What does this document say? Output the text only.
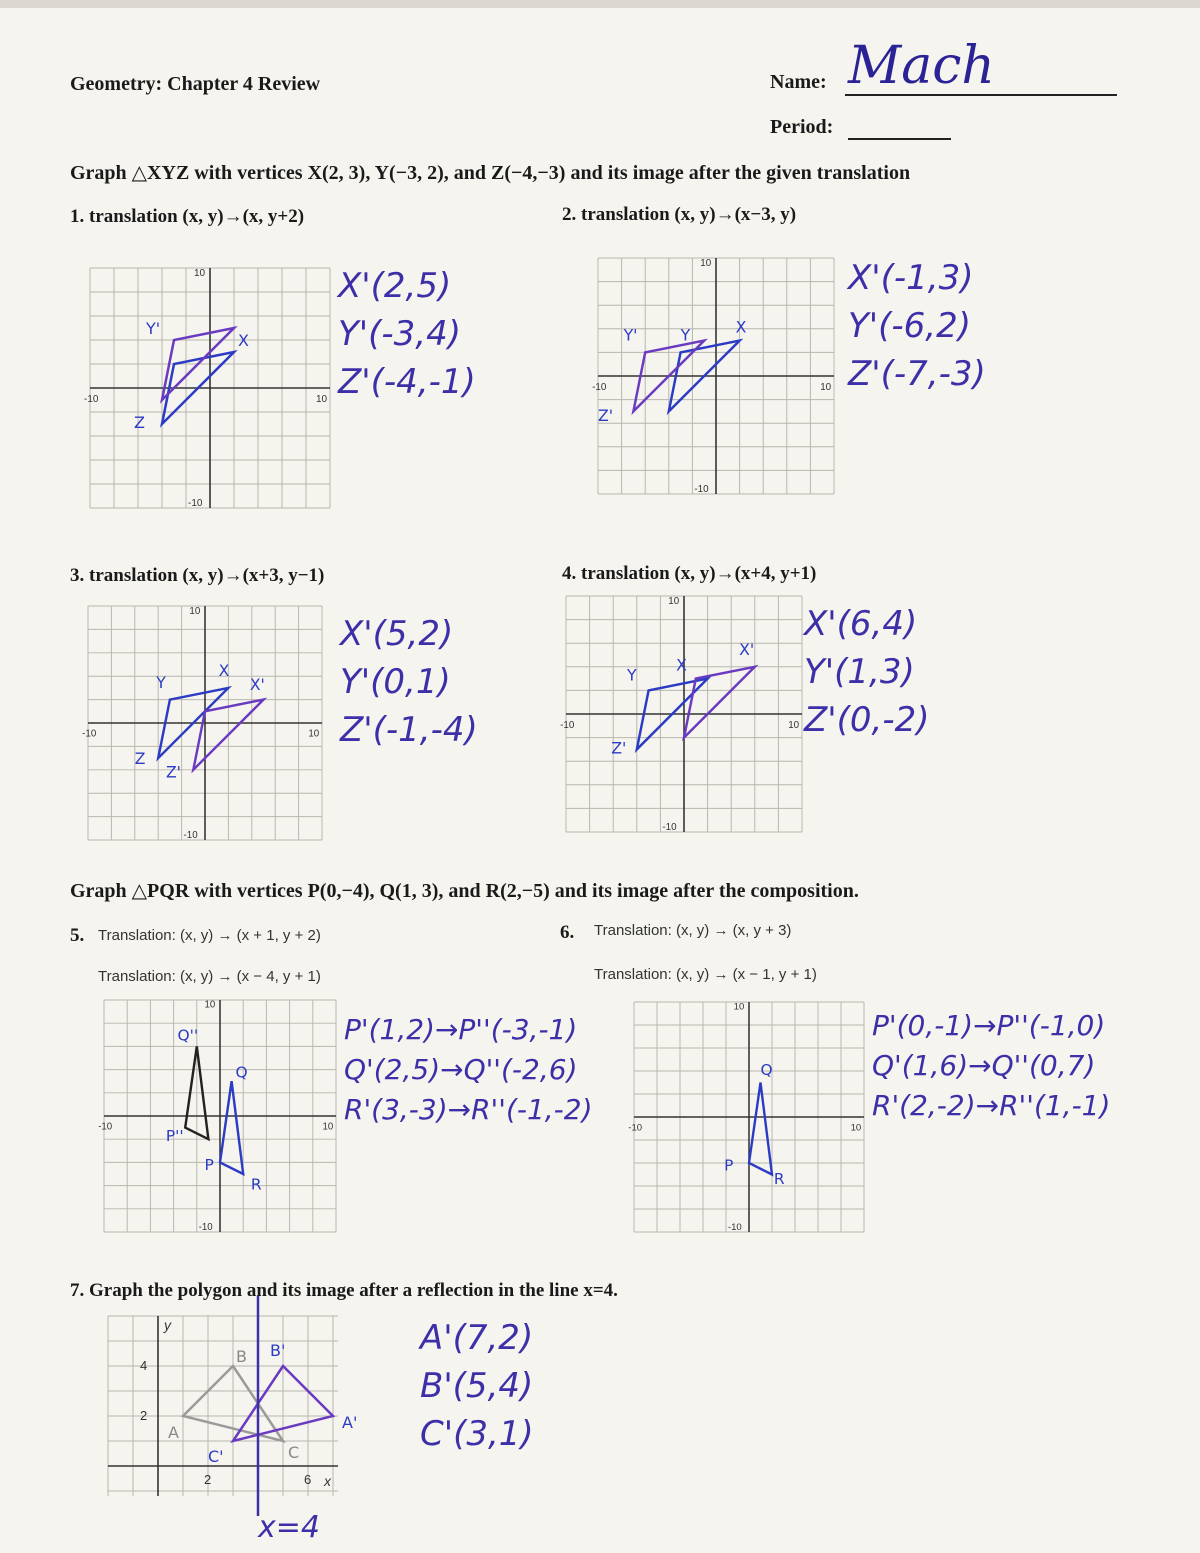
Geometry: Chapter 4 Review	Name: Mach
Period:
Graph △XYZ with vertices X(2, 3), Y(−3, 2), and Z(−4,−3) and its image after the given translation
1. translation (x, y)→(x, y+2)	2. translation (x, y)→(x−3, y)
3. translation (x, y)→(x+3, y−1)	4. translation (x, y)→(x+4, y+1)
10
-10	10
-10
X
Y'
Z
X'(2,5)
Y'(-3,4)
Z'(-4,-1)
10
-10	10
-10
X
Y
Y'
Z'
X'(-1,3)
Y'(-6,2)
Z'(-7,-3)
10
-10	10
-10
X
Y	X'
Z
Z'
X'(5,2)
Y'(0,1)
Z'(-1,-4)
10
-10	10
-10
X
Y
X'
Z'
X'(6,4)
Y'(1,3)
Z'(0,-2)
Graph △PQR with vertices P(0,−4), Q(1, 3), and R(2,−5) and its image after the composition.
5. Translation: (x, y) → (x + 1, y + 2)
Translation: (x, y) → (x − 4, y + 1)
6. Translation: (x, y) → (x, y + 3)
Translation: (x, y) → (x − 1, y + 1)
10
-10	10
-10
Q
Q''
P''
P
R
P'(1,2)→P''(-3,-1)
Q'(2,5)→Q''(-2,6)
R'(3,-3)→R''(-1,-2)
10
-10	10
-10
Q
P
R
P'(0,-1)→P''(-1,0)
Q'(1,6)→Q''(0,7)
R'(2,-2)→R''(1,-1)
7. Graph the polygon and its image after a reflection in the line x=4.
y
x
4
2
2	6
A
B
C
B'
A'
C'
x=4
A'(7,2)
B'(5,4)
C'(3,1)
